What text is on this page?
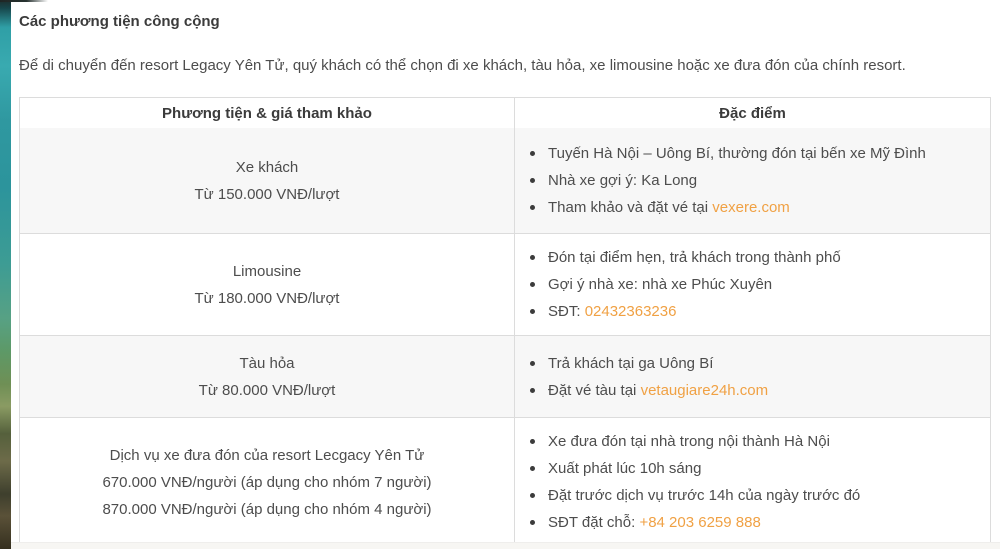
Các phương tiện công cộng

Để di chuyển đến resort Legacy Yên Tử, quý khách có thể chọn đi xe khách, tàu hỏa, xe limousine hoặc xe đưa đón của chính resort.

Phương tiện & giá tham khảo	Đặc điểm
Xe khách
Từ 150.000 VNĐ/lượt
Tuyến Hà Nội – Uông Bí, thường đón tại bến xe Mỹ Đình
Nhà xe gợi ý: Ka Long
Tham khảo và đặt vé tại vexere.com
Limousine
Từ 180.000 VNĐ/lượt
Đón tại điểm hẹn, trả khách trong thành phố
Gợi ý nhà xe: nhà xe Phúc Xuyên
SĐT: 02432363236
Tàu hỏa
Từ 80.000 VNĐ/lượt
Trả khách tại ga Uông Bí
Đặt vé tàu tại vetaugiare24h.com
Dịch vụ xe đưa đón của resort Lecgacy Yên Tử
670.000 VNĐ/người (áp dụng cho nhóm 7 người)
870.000 VNĐ/người (áp dụng cho nhóm 4 người)
Xe đưa đón tại nhà trong nội thành Hà Nội
Xuất phát lúc 10h sáng
Đặt trước dịch vụ trước 14h của ngày trước đó
SĐT đặt chỗ: +84 203 6259 888
